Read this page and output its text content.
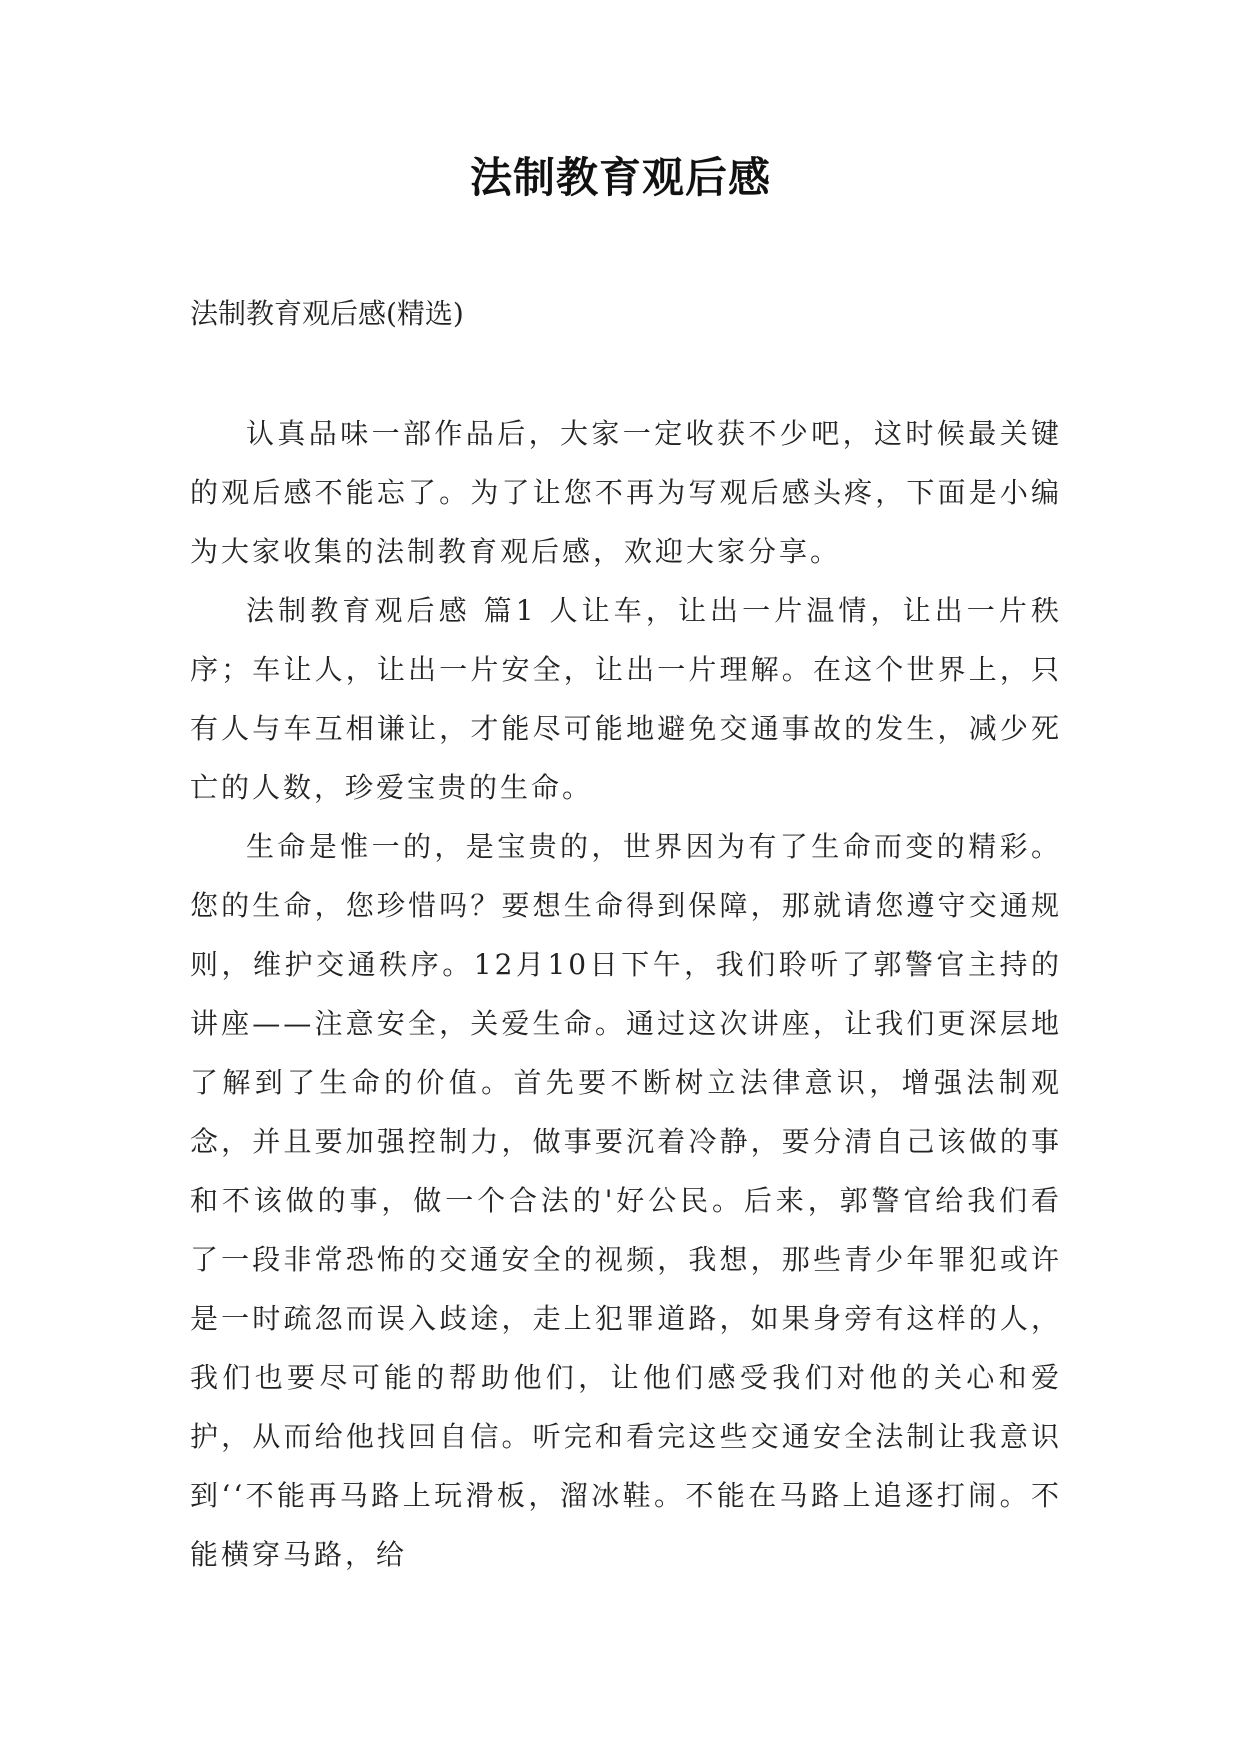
法制教育观后感
法制教育观后感(精选)

认真品味一部作品后，大家一定收获不少吧，这时候最关键的观后感不能忘了。为了让您不再为写观后感头疼，下面是小编为大家收集的法制教育观后感，欢迎大家分享。

法制教育观后感 篇1 人让车，让出一片温情，让出一片秩序；车让人，让出一片安全，让出一片理解。在这个世界上，只有人与车互相谦让，才能尽可能地避免交通事故的发生，减少死亡的人数，珍爱宝贵的生命。

生命是惟一的，是宝贵的，世界因为有了生命而变的精彩。您的生命，您珍惜吗？要想生命得到保障，那就请您遵守交通规则，维护交通秩序。12月10日下午，我们聆听了郭警官主持的讲座——注意安全，关爱生命。通过这次讲座，让我们更深层地了解到了生命的价值。首先要不断树立法律意识，增强法制观念，并且要加强控制力，做事要沉着冷静，要分清自己该做的事和不该做的事，做一个合法的'好公民。后来，郭警官给我们看了一段非常恐怖的交通安全的视频，我想，那些青少年罪犯或许是一时疏忽而误入歧途，走上犯罪道路，如果身旁有这样的人，我们也要尽可能的帮助他们，让他们感受我们对他的关心和爱护，从而给他找回自信。听完和看完这些交通安全法制让我意识到‘‘不能再马路上玩滑板，溜冰鞋。不能在马路上追逐打闹。不能横穿马路，给
